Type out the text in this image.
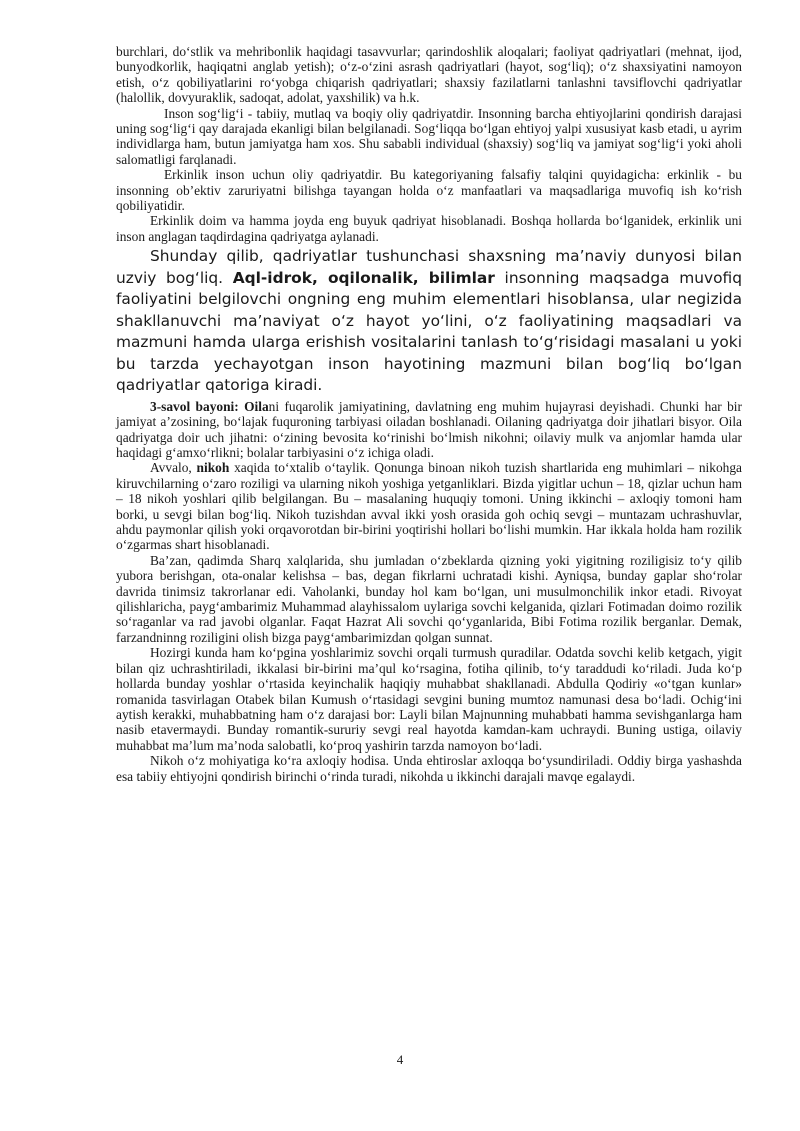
burchlari, do‘stlik va mehribonlik haqidagi tasavvurlar; qarindoshlik aloqalari; faoliyat qadriyatlari (mehnat, ijod, bunyodkorlik, haqiqatni anglab yetish); o‘z-o‘zini asrash qadriyatlari (hayot, sog‘liq); o‘z shaxsiyatini namoyon etish, o‘z qobiliyatlarini ro‘yobga chiqarish qadriyatlari; shaxsiy fazilatlarni tanlashni tavsiflovchi qadriyatlar (halollik, dovyuraklik, sadoqat, adolat, yaxshilik) va h.k.

Inson sog‘lig‘i - tabiiy, mutlaq va boqiy oliy qadriyatdir. Insonning barcha ehtiyojlarini qondirish darajasi uning sog‘lig‘i qay darajada ekanligi bilan belgilanadi. Sog‘liqqa bo‘lgan ehtiyoj yalpi xususiyat kasb etadi, u ayrim individlarga ham, butun jamiyatga ham xos. Shu sababli individual (shaxsiy) sog‘liq va jamiyat sog‘lig‘i yoki aholi salomatligi farqlanadi.

Erkinlik inson uchun oliy qadriyatdir. Bu kategoriyaning falsafiy talqini quyidagicha: erkinlik - bu insonning ob’ektiv zaruriyatni bilishga tayangan holda o‘z manfaatlari va maqsadlariga muvofiq ish ko‘rish qobiliyatidir.

Erkinlik doim va hamma joyda eng buyuk qadriyat hisoblanadi. Boshqa hollarda bo‘lganidek, erkinlik uni inson anglagan taqdirdagina qadriyatga aylanadi.

Shunday qilib, qadriyatlar tushunchasi shaxsning ma’naviy dunyosi bilan uzviy bog‘liq. Aql-idrok, oqilonalik, bilimlar insonning maqsadga muvofiq faoliyatini belgilovchi ongning eng muhim elementlari hisoblansa, ular negizida shakllanuvchi ma’naviyat o‘z hayot yo‘lini, o‘z faoliyatining maqsadlari va mazmuni hamda ularga erishish vositalarini tanlash to‘g‘risidagi masalani u yoki bu tarzda yechayotgan inson hayotining mazmuni bilan bog‘liq bo‘lgan qadriyatlar qatoriga kiradi.

3-savol bayoni: Oilani fuqarolik jamiyatining, davlatning eng muhim hujayrasi deyishadi. Chunki har bir jamiyat a’zosining, bo‘lajak fuquroning tarbiyasi oiladan boshlanadi. Oilaning qadriyatga doir jihatlari bisyor. Oila qadriyatga doir uch jihatni: o‘zining bevosita ko‘rinishi bo‘lmish nikohni; oilaviy mulk va anjomlar hamda ular haqidagi g‘amxo‘rlikni; bolalar tarbiyasini o‘z ichiga oladi.

Avvalo, nikoh xaqida to‘xtalib o‘taylik. Qonunga binoan nikoh tuzish shartlarida eng muhimlari – nikohga kiruvchilarning o‘zaro roziligi va ularning nikoh yoshiga yetganliklari. Bizda yigitlar uchun – 18, qizlar uchun ham – 18 nikoh yoshlari qilib belgilangan. Bu – masalaning huquqiy tomoni. Uning ikkinchi – axloqiy tomoni ham borki, u sevgi bilan bog‘liq. Nikoh tuzishdan avval ikki yosh orasida goh ochiq sevgi – muntazam uchrashuvlar, ahdu paymonlar qilish yoki orqavorotdan bir-birini yoqtirishi hollari bo‘lishi mumkin. Har ikkala holda ham rozilik o‘zgarmas shart hisoblanadi.

Ba’zan, qadimda Sharq xalqlarida, shu jumladan o‘zbeklarda qizning yoki yigitning roziligisiz to‘y qilib yubora berishgan, ota-onalar kelishsa – bas, degan fikrlarni uchratadi kishi. Ayniqsa, bunday gaplar sho‘rolar davrida tinimsiz takrorlanar edi. Vaholanki, bunday hol kam bo‘lgan, uni musulmonchilik inkor etadi. Rivoyat qilishlaricha, payg‘ambarimiz Muhammad alayhissalom uylariga sovchi kelganida, qizlari Fotimadan doimo rozilik so‘raganlar va rad javobi olganlar. Faqat Hazrat Ali sovchi qo‘yganlarida, Bibi Fotima rozilik berganlar. Demak, farzandninng roziligini olish bizga payg‘ambarimizdan qolgan sunnat.

Hozirgi kunda ham ko‘pgina yoshlarimiz sovchi orqali turmush quradilar. Odatda sovchi kelib ketgach, yigit bilan qiz uchrashtiriladi, ikkalasi bir-birini ma’qul ko‘rsagina, fotiha qilinib, to‘y taraddudi ko‘riladi. Juda ko‘p hollarda bunday yoshlar o‘rtasida keyinchalik haqiqiy muhabbat shakllanadi. Abdulla Qodiriy «o‘tgan kunlar» romanida tasvirlagan Otabek bilan Kumush o‘rtasidagi sevgini buning mumtoz namunasi desa bo‘ladi. Ochig‘ini aytish kerakki, muhabbatning ham o‘z darajasi bor: Layli bilan Majnunning muhabbati hamma sevishganlarga ham nasib etavermaydi. Bunday romantik-sururiy sevgi real hayotda kamdan-kam uchraydi. Buning ustiga, oilaviy muhabbat ma’lum ma’noda salobatli, ko‘proq yashirin tarzda namoyon bo‘ladi.

Nikoh o‘z mohiyatiga ko‘ra axloqiy hodisa. Unda ehtiroslar axloqqa bo‘ysundiriladi. Oddiy birga yashashda esa tabiiy ehtiyojni qondirish birinchi o‘rinda turadi, nikohda u ikkinchi darajali mavqe egalaydi.

4
